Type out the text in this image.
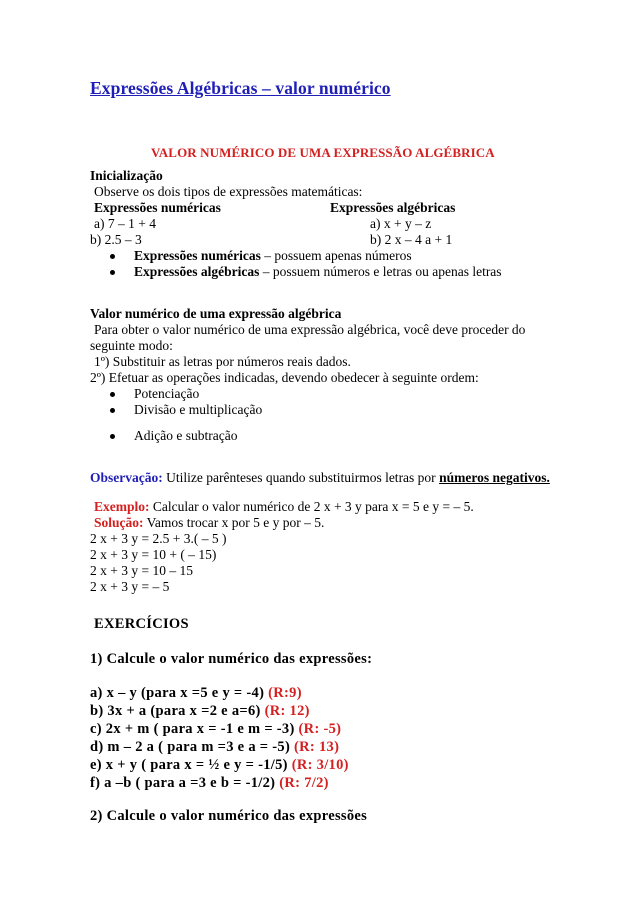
Expressões Algébricas – valor numérico
VALOR NUMÉRICO DE UMA EXPRESSÃO ALGÉBRICA
Inicialização
Observe os dois tipos de expressões matemáticas:
Expressões numéricas	Expressões algébricas
a) 7 – 1 + 4	a) x + y – z
b) 2.5 – 3	b) 2 x – 4 a + 1
Expressões numéricas – possuem apenas números
Expressões algébricas – possuem números e letras ou apenas letras
Valor numérico de uma expressão algébrica
Para obter o valor numérico de uma expressão algébrica, você deve proceder do
seguinte modo:
1º) Substituir as letras por números reais dados.
2º) Efetuar as operações indicadas, devendo obedecer à seguinte ordem:
Potenciação
Divisão e multiplicação
Adição e subtração
Observação: Utilize parênteses quando substituirmos letras por números negativos.
Exemplo: Calcular o valor numérico de 2 x + 3 y para x = 5 e y = – 5.
Solução: Vamos trocar x por 5 e y por – 5.
2 x + 3 y = 2.5 + 3.( – 5 )
2 x + 3 y = 10 + ( – 15)
2 x + 3 y = 10 – 15
2 x + 3 y = – 5
EXERCÍCIOS
1) Calcule o valor numérico das expressões:
a) x – y (para x =5 e y = -4) (R:9)
b) 3x + a (para x =2 e a=6) (R: 12)
c) 2x + m ( para x = -1 e m = -3) (R: -5)
d) m – 2 a ( para m =3 e a = -5) (R: 13)
e) x + y ( para x = ½ e y = -1/5) (R: 3/10)
f) a –b ( para a =3 e b = -1/2) (R: 7/2)
2) Calcule o valor numérico das expressões
